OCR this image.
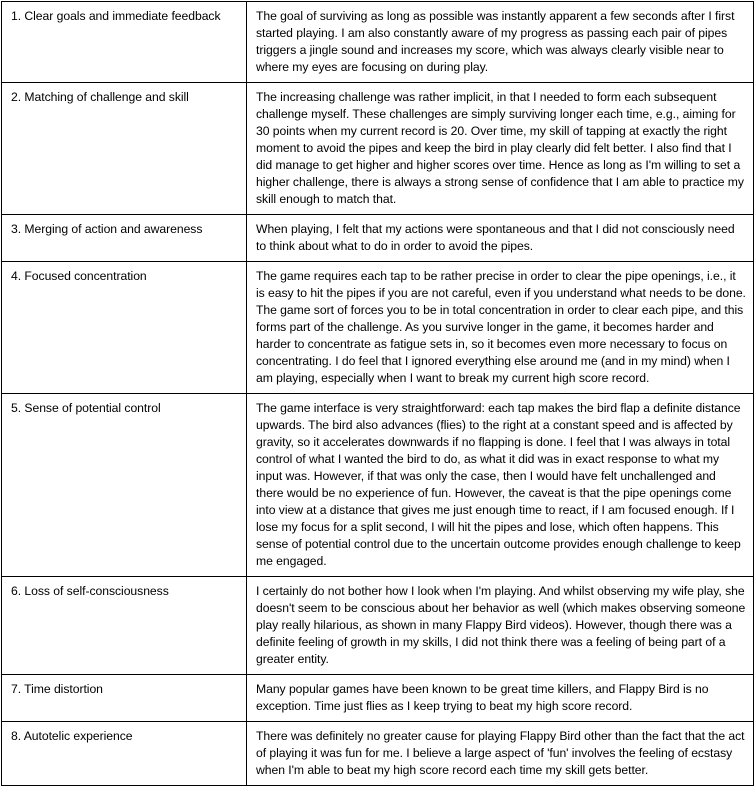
1. Clear goals and immediate feedback	The goal of surviving as long as possible was instantly apparent a few seconds after I first started playing. I am also constantly aware of my progress as passing each pair of pipes triggers a jingle sound and increases my score, which was always clearly visible near to where my eyes are focusing on during play.
2. Matching of challenge and skill	The increasing challenge was rather implicit, in that I needed to form each subsequent challenge myself. These challenges are simply surviving longer each time, e.g., aiming for 30 points when my current record is 20. Over time, my skill of tapping at exactly the right moment to avoid the pipes and keep the bird in play clearly did felt better. I also find that I did manage to get higher and higher scores over time. Hence as long as I'm willing to set a higher challenge, there is always a strong sense of confidence that I am able to practice my skill enough to match that.
3. Merging of action and awareness	When playing, I felt that my actions were spontaneous and that I did not consciously need to think about what to do in order to avoid the pipes.
4. Focused concentration	The game requires each tap to be rather precise in order to clear the pipe openings, i.e., it is easy to hit the pipes if you are not careful, even if you understand what needs to be done. The game sort of forces you to be in total concentration in order to clear each pipe, and this forms part of the challenge. As you survive longer in the game, it becomes harder and harder to concentrate as fatigue sets in, so it becomes even more necessary to focus on concentrating. I do feel that I ignored everything else around me (and in my mind) when I am playing, especially when I want to break my current high score record.
5. Sense of potential control	The game interface is very straightforward: each tap makes the bird flap a definite distance upwards. The bird also advances (flies) to the right at a constant speed and is affected by gravity, so it accelerates downwards if no flapping is done. I feel that I was always in total control of what I wanted the bird to do, as what it did was in exact response to what my input was. However, if that was only the case, then I would have felt unchallenged and there would be no experience of fun. However, the caveat is that the pipe openings come into view at a distance that gives me just enough time to react, if I am focused enough. If I lose my focus for a split second, I will hit the pipes and lose, which often happens. This sense of potential control due to the uncertain outcome provides enough challenge to keep me engaged.
6. Loss of self-consciousness	I certainly do not bother how I look when I'm playing. And whilst observing my wife play, she doesn't seem to be conscious about her behavior as well (which makes observing someone play really hilarious, as shown in many Flappy Bird videos). However, though there was a definite feeling of growth in my skills, I did not think there was a feeling of being part of a greater entity.
7. Time distortion	Many popular games have been known to be great time killers, and Flappy Bird is no exception. Time just flies as I keep trying to beat my high score record.
8. Autotelic experience	There was definitely no greater cause for playing Flappy Bird other than the fact that the act of playing it was fun for me. I believe a large aspect of 'fun' involves the feeling of ecstasy when I'm able to beat my high score record each time my skill gets better.
